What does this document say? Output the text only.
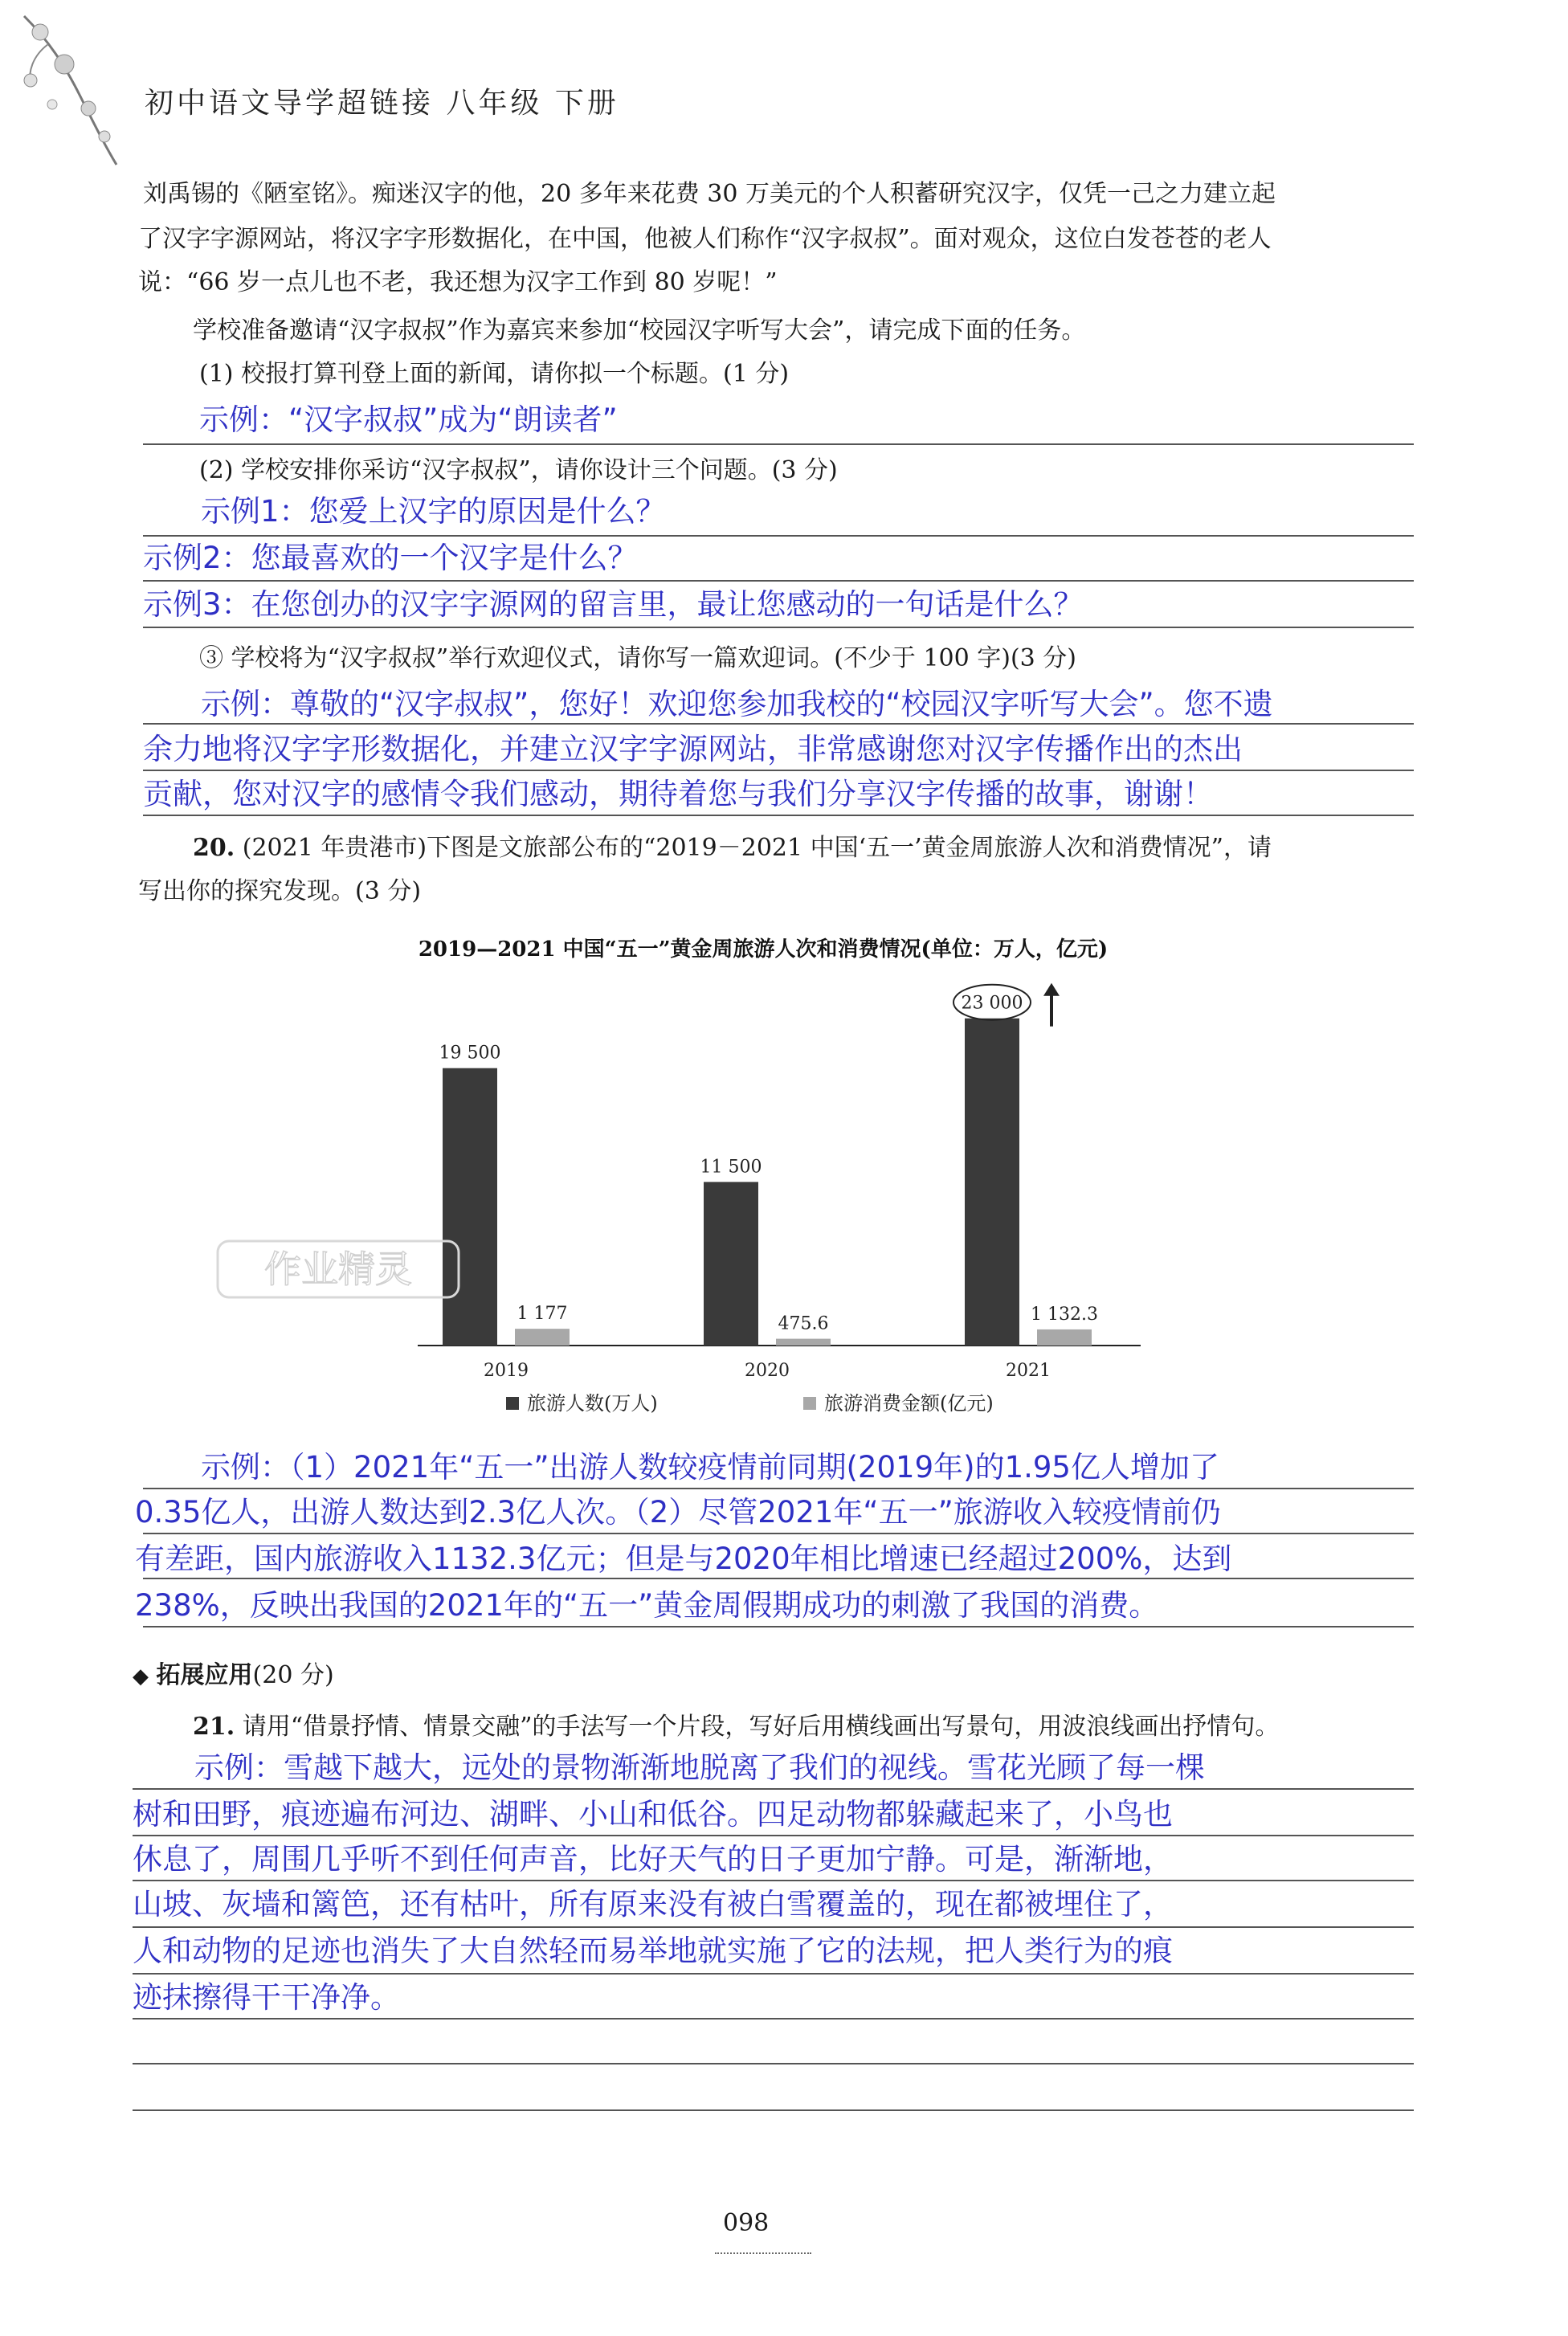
初中语文导学超链接 八年级 下册
刘禹锡的《陋室铭》。痴迷汉字的他，20 多年来花费 30 万美元的个人积蓄研究汉字，仅凭一己之力建立起
了汉字字源网站，将汉字字形数据化，在中国，他被人们称作“汉字叔叔”。面对观众，这位白发苍苍的老人
说：“66 岁一点儿也不老，我还想为汉字工作到 80 岁呢！”
学校准备邀请“汉字叔叔”作为嘉宾来参加“校园汉字听写大会”，请完成下面的任务。
(1) 校报打算刊登上面的新闻，请你拟一个标题。(1 分)
示例：“汉字叔叔”成为“朗读者”
(2) 学校安排你采访“汉字叔叔”，请你设计三个问题。(3 分)
示例1：您爱上汉字的原因是什么？
示例2：您最喜欢的一个汉字是什么？
示例3：在您创办的汉字字源网的留言里，最让您感动的一句话是什么？
③ 学校将为“汉字叔叔”举行欢迎仪式，请你写一篇欢迎词。(不少于 100 字)(3 分)
示例：尊敬的“汉字叔叔”，您好！欢迎您参加我校的“校园汉字听写大会”。您不遗
余力地将汉字字形数据化，并建立汉字字源网站，非常感谢您对汉字传播作出的杰出
贡献，您对汉字的感情令我们感动，期待着您与我们分享汉字传播的故事，谢谢！
20. (2021 年贵港市)下图是文旅部公布的“2019－2021 中国‘五一’黄金周旅游人次和消费情况”，请
写出你的探究发现。(3 分)
2019—2021 中国“五一”黄金周旅游人次和消费情况(单位：万人，亿元)
19 500
1 177
2019
11 500
475.6
2020
23 000
1 132.3
2021
旅游人数(万人)	旅游消费金额(亿元)
作业精灵
示例：（1）2021年“五一”出游人数较疫情前同期(2019年)的1.95亿人增加了
0.35亿人，出游人数达到2.3亿人次。（2）尽管2021年“五一”旅游收入较疫情前仍
有差距，国内旅游收入1132.3亿元；但是与2020年相比增速已经超过200%，达到
238%，反映出我国的2021年的“五一”黄金周假期成功的刺激了我国的消费。
◆ 拓展应用(20 分)
21. 请用“借景抒情、情景交融”的手法写一个片段，写好后用横线画出写景句，用波浪线画出抒情句。
示例：雪越下越大，远处的景物渐渐地脱离了我们的视线。雪花光顾了每一棵
树和田野，痕迹遍布河边、湖畔、小山和低谷。四足动物都躲藏起来了，小鸟也
休息了，周围几乎听不到任何声音，比好天气的日子更加宁静。可是，渐渐地，
山坡、灰墙和篱笆，还有枯叶，所有原来没有被白雪覆盖的，现在都被埋住了，
人和动物的足迹也消失了大自然轻而易举地就实施了它的法规，把人类行为的痕
迹抹擦得干干净净。
098
